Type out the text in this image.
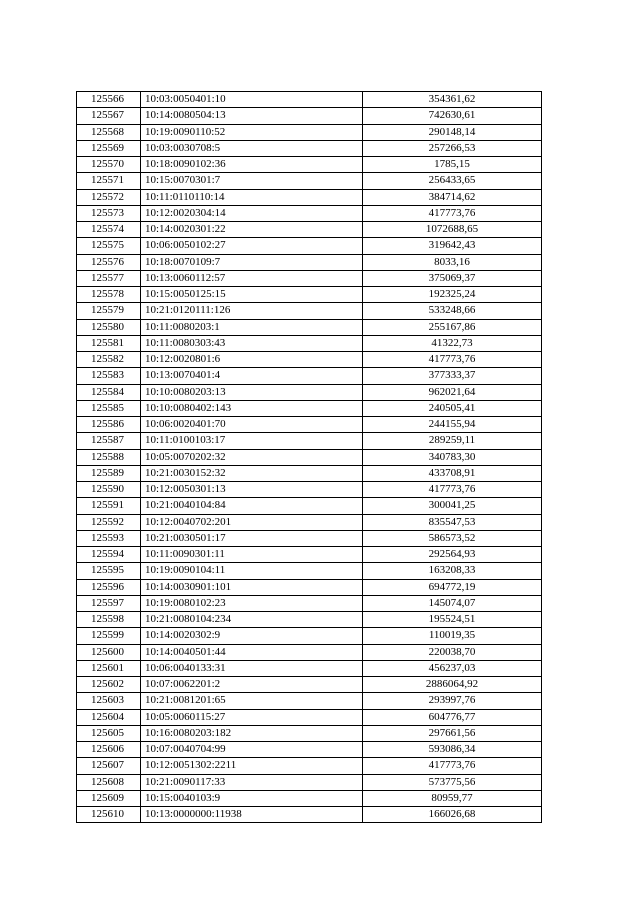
125566	10:03:0050401:10	354361,62
125567	10:14:0080504:13	742630,61
125568	10:19:0090110:52	290148,14
125569	10:03:0030708:5	257266,53
125570	10:18:0090102:36	1785,15
125571	10:15:0070301:7	256433,65
125572	10:11:0110110:14	384714,62
125573	10:12:0020304:14	417773,76
125574	10:14:0020301:22	1072688,65
125575	10:06:0050102:27	319642,43
125576	10:18:0070109:7	8033,16
125577	10:13:0060112:57	375069,37
125578	10:15:0050125:15	192325,24
125579	10:21:0120111:126	533248,66
125580	10:11:0080203:1	255167,86
125581	10:11:0080303:43	41322,73
125582	10:12:0020801:6	417773,76
125583	10:13:0070401:4	377333,37
125584	10:10:0080203:13	962021,64
125585	10:10:0080402:143	240505,41
125586	10:06:0020401:70	244155,94
125587	10:11:0100103:17	289259,11
125588	10:05:0070202:32	340783,30
125589	10:21:0030152:32	433708,91
125590	10:12:0050301:13	417773,76
125591	10:21:0040104:84	300041,25
125592	10:12:0040702:201	835547,53
125593	10:21:0030501:17	586573,52
125594	10:11:0090301:11	292564,93
125595	10:19:0090104:11	163208,33
125596	10:14:0030901:101	694772,19
125597	10:19:0080102:23	145074,07
125598	10:21:0080104:234	195524,51
125599	10:14:0020302:9	110019,35
125600	10:14:0040501:44	220038,70
125601	10:06:0040133:31	456237,03
125602	10:07:0062201:2	2886064,92
125603	10:21:0081201:65	293997,76
125604	10:05:0060115:27	604776,77
125605	10:16:0080203:182	297661,56
125606	10:07:0040704:99	593086,34
125607	10:12:0051302:2211	417773,76
125608	10:21:0090117:33	573775,56
125609	10:15:0040103:9	80959,77
125610	10:13:0000000:11938	166026,68
